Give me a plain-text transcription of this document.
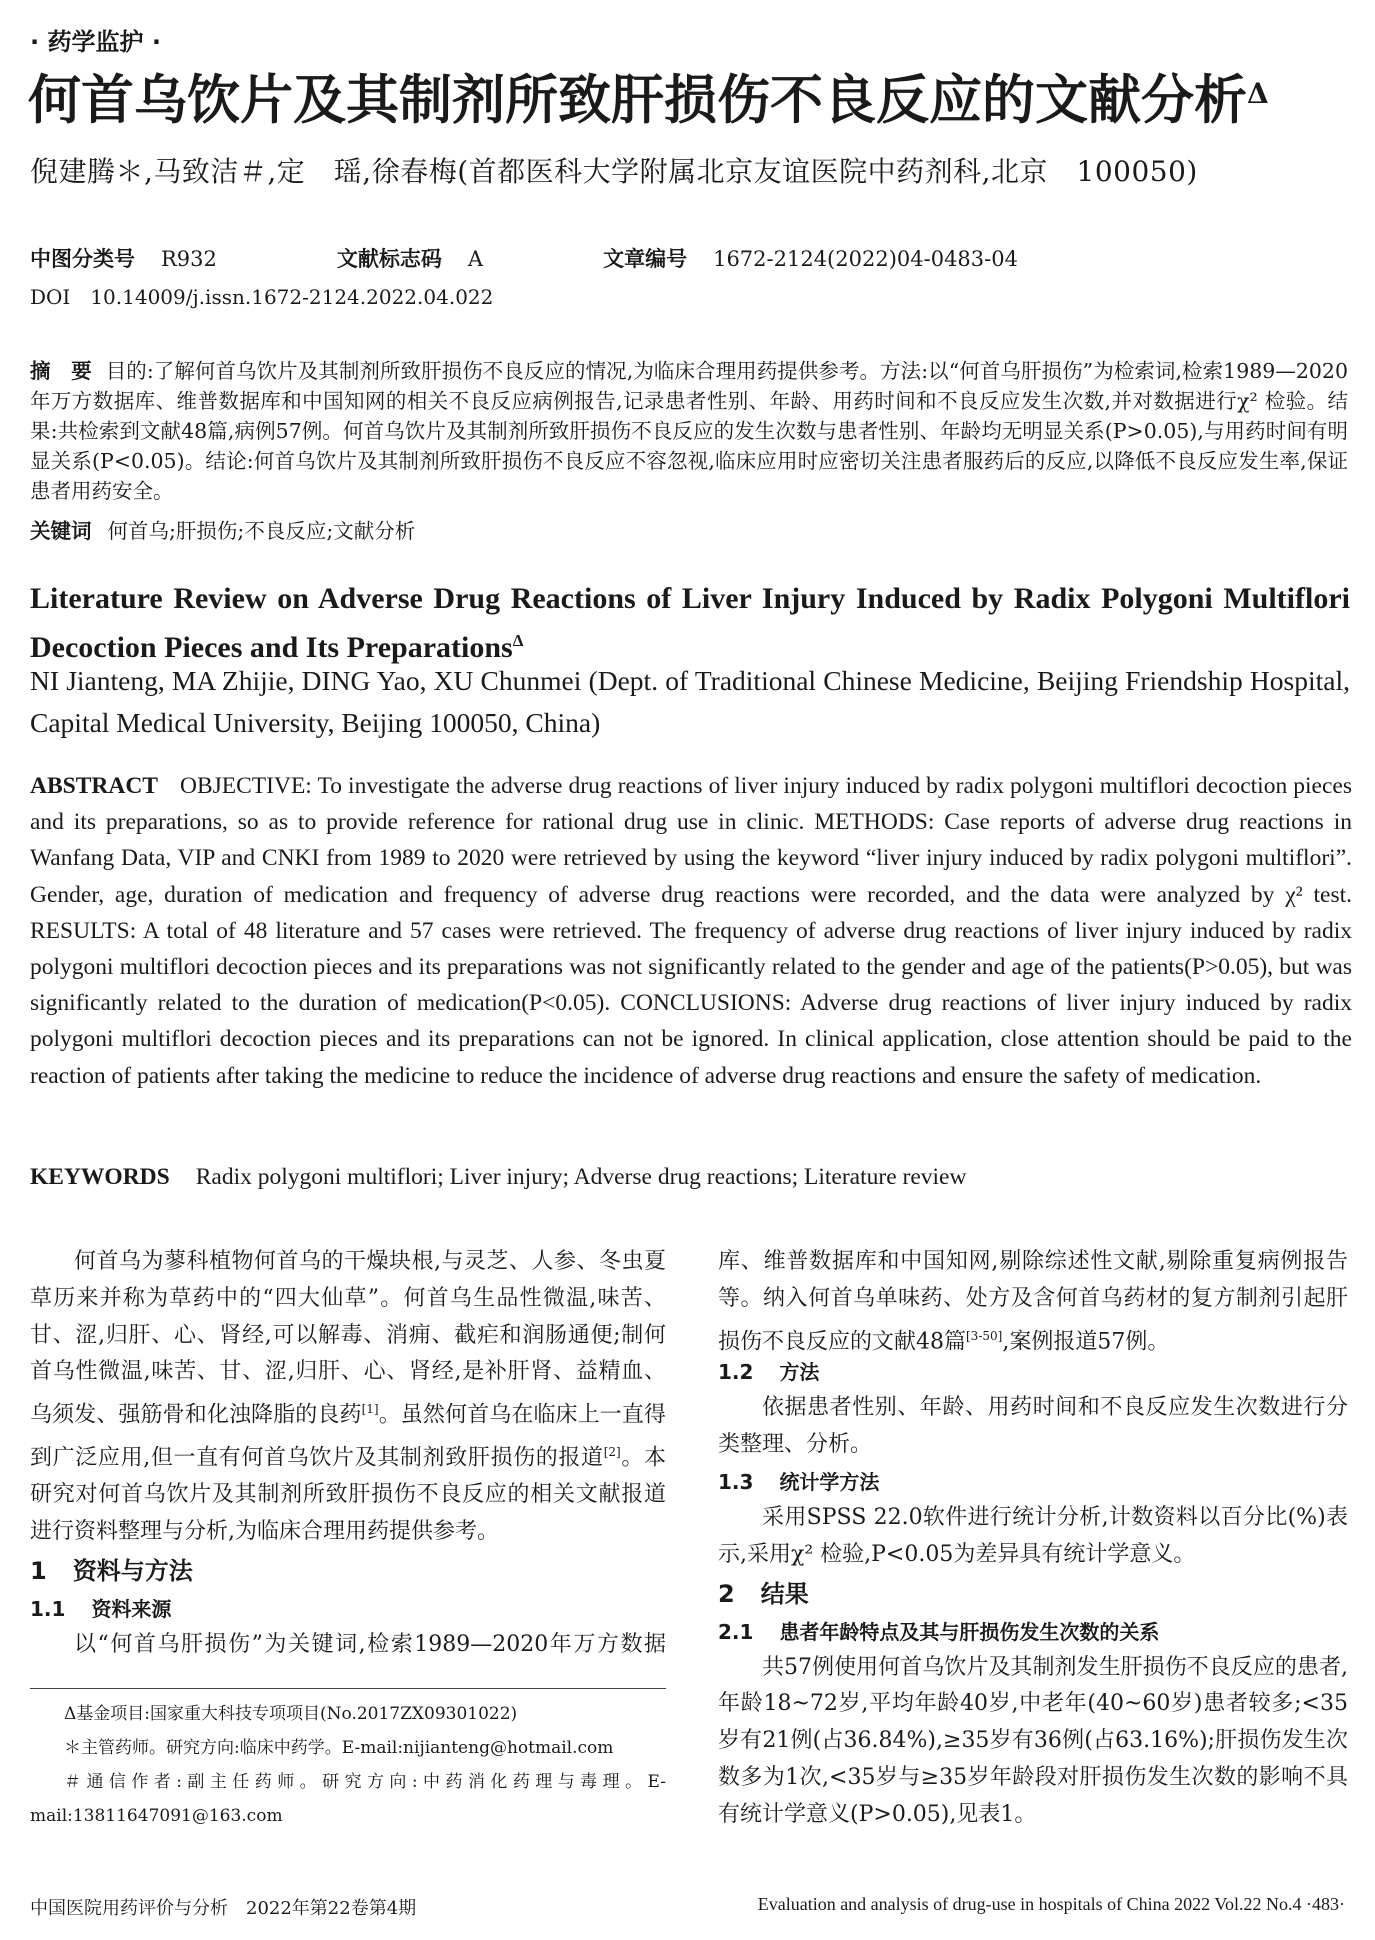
· 药学监护 ·
何首乌饮片及其制剂所致肝损伤不良反应的文献分析$^\Delta$
倪建腾＊,马致洁＃,定　瑶,徐春梅(首都医科大学附属北京友谊医院中药剂科,北京　100050)
中图分类号 R932	文献标志码 A	文章编号 1672-2124(2022)04-0483-04
DOI　10.14009/j.issn.1672-2124.2022.04.022
摘　要 目的:了解何首乌饮片及其制剂所致肝损伤不良反应的情况,为临床合理用药提供参考。方法:以“何首乌肝损伤”为检索词,检索1989—2020年万方数据库、维普数据库和中国知网的相关不良反应病例报告,记录患者性别、年龄、用药时间和不良反应发生次数,并对数据进行χ² 检验。结果:共检索到文献48篇,病例57例。何首乌饮片及其制剂所致肝损伤不良反应的发生次数与患者性别、年龄均无明显关系(P>0.05),与用药时间有明显关系(P<0.05)。结论:何首乌饮片及其制剂所致肝损伤不良反应不容忽视,临床应用时应密切关注患者服药后的反应,以降低不良反应发生率,保证患者用药安全。
关键词 何首乌;肝损伤;不良反应;文献分析
Literature Review on Adverse Drug Reactions of Liver Injury Induced by Radix Polygoni Multiflori Decoction Pieces and Its Preparations$^\Delta$
NI Jianteng, MA Zhijie, DING Yao, XU Chunmei (Dept. of Traditional Chinese Medicine, Beijing Friendship Hospital, Capital Medical University, Beijing 100050, China)
ABSTRACT OBJECTIVE: To investigate the adverse drug reactions of liver injury induced by radix polygoni multiflori decoction pieces and its preparations, so as to provide reference for rational drug use in clinic. METHODS: Case reports of adverse drug reactions in Wanfang Data, VIP and CNKI from 1989 to 2020 were retrieved by using the keyword “liver injury induced by radix polygoni multiflori”. Gender, age, duration of medication and frequency of adverse drug reactions were recorded, and the data were analyzed by χ² test. RESULTS: A total of 48 literature and 57 cases were retrieved. The frequency of adverse drug reactions of liver injury induced by radix polygoni multiflori decoction pieces and its preparations was not significantly related to the gender and age of the patients(P>0.05), but was significantly related to the duration of medication(P<0.05). CONCLUSIONS: Adverse drug reactions of liver injury induced by radix polygoni multiflori decoction pieces and its preparations can not be ignored. In clinical application, close attention should be paid to the reaction of patients after taking the medicine to reduce the incidence of adverse drug reactions and ensure the safety of medication.
KEYWORDS Radix polygoni multiflori; Liver injury; Adverse drug reactions; Literature review

何首乌为蓼科植物何首乌的干燥块根,与灵芝、人参、冬虫夏草历来并称为草药中的“四大仙草”。何首乌生品性微温,味苦、甘、涩,归肝、心、肾经,可以解毒、消痈、截疟和润肠通便;制何首乌性微温,味苦、甘、涩,归肝、心、肾经,是补肝肾、益精血、乌须发、强筋骨和化浊降脂的良药[1]。虽然何首乌在临床上一直得到广泛应用,但一直有何首乌饮片及其制剂致肝损伤的报道[2]。本研究对何首乌饮片及其制剂所致肝损伤不良反应的相关文献报道进行资料整理与分析,为临床合理用药提供参考。

1 资料与方法
1.1 资料来源

以“何首乌肝损伤”为关键词,检索1989—2020年万方数据

Δ基金项目:国家重大科技专项项目(No.2017ZX09301022)

＊主管药师。研究方向:临床中药学。E-mail:nijianteng@hotmail.com

＃通信作者:副主任药师。研究方向:中药消化药理与毒理。E-mail:13811647091@163.com

库、维普数据库和中国知网,剔除综述性文献,剔除重复病例报告等。纳入何首乌单味药、处方及含何首乌药材的复方制剂引起肝损伤不良反应的文献48篇[3-50],案例报道57例。

1.2 方法

依据患者性别、年龄、用药时间和不良反应发生次数进行分类整理、分析。

1.3 统计学方法

采用SPSS 22.0软件进行统计分析,计数资料以百分比(%)表示,采用χ² 检验,P<0.05为差异具有统计学意义。

2 结果
2.1 患者年龄特点及其与肝损伤发生次数的关系

共57例使用何首乌饮片及其制剂发生肝损伤不良反应的患者,年龄18~72岁,平均年龄40岁,中老年(40~60岁)患者较多;<35岁有21例(占36.84%),≥35岁有36例(占63.16%);肝损伤发生次数多为1次,<35岁与≥35岁年龄段对肝损伤发生次数的影响不具有统计学意义(P>0.05),见表1。

中国医院用药评价与分析　2022年第22卷第4期	Evaluation and analysis of drug-use in hospitals of China 2022 Vol.22 No.4 ·483·
